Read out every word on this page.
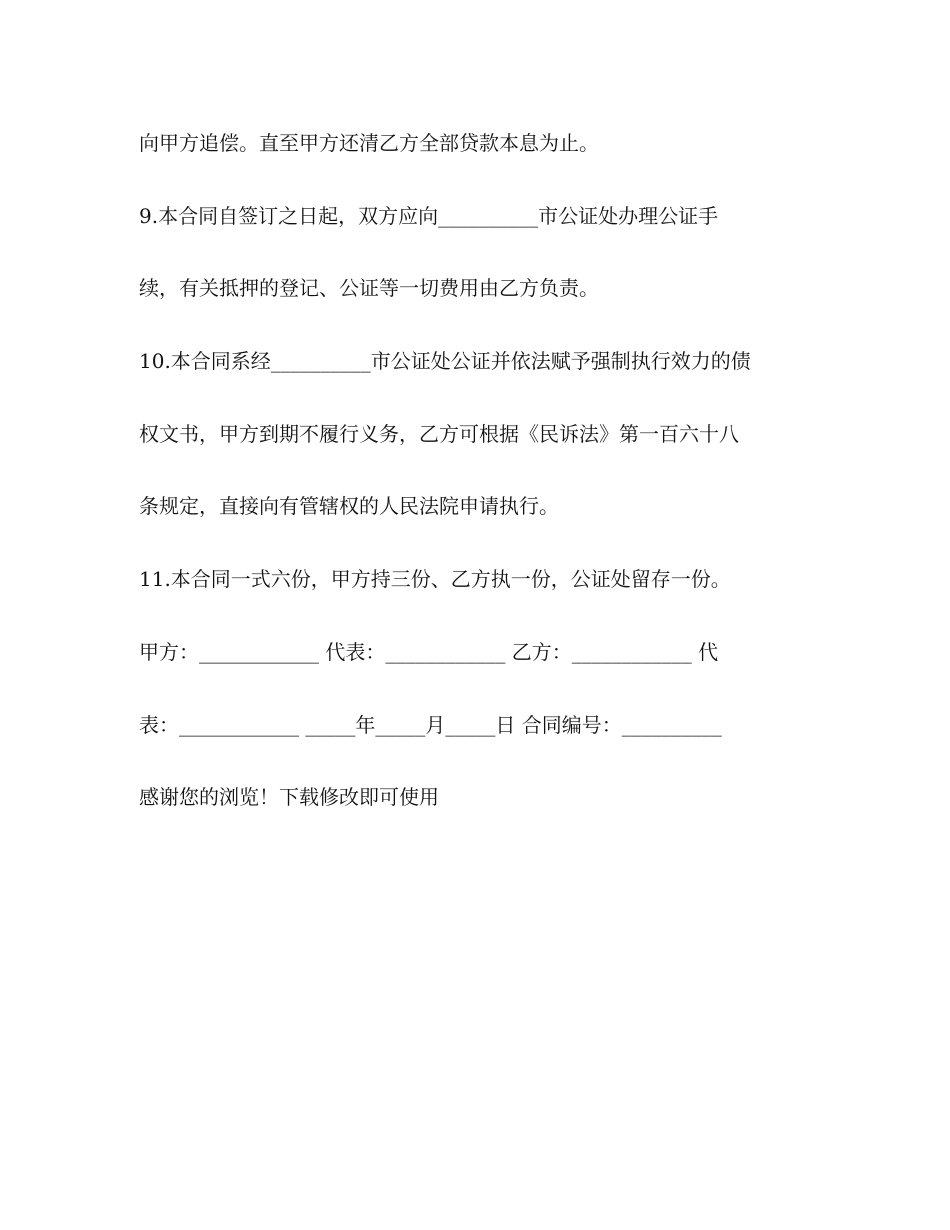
向甲方追偿。直至甲方还清乙方全部贷款本息为止。

9.本合同自签订之日起，双方应向__________市公证处办理公证手

续，有关抵押的登记、公证等一切费用由乙方负责。

10.本合同系经__________市公证处公证并依法赋予强制执行效力的债

权文书，甲方到期不履行义务，乙方可根据《民诉法》第一百六十八

条规定，直接向有管辖权的人民法院申请执行。

11.本合同一式六份，甲方持三份、乙方执一份，公证处留存一份。

甲方：____________ 代表：____________ 乙方：____________ 代

表：____________ _____年_____月_____日 合同编号：__________

感谢您的浏览！下载修改即可使用
